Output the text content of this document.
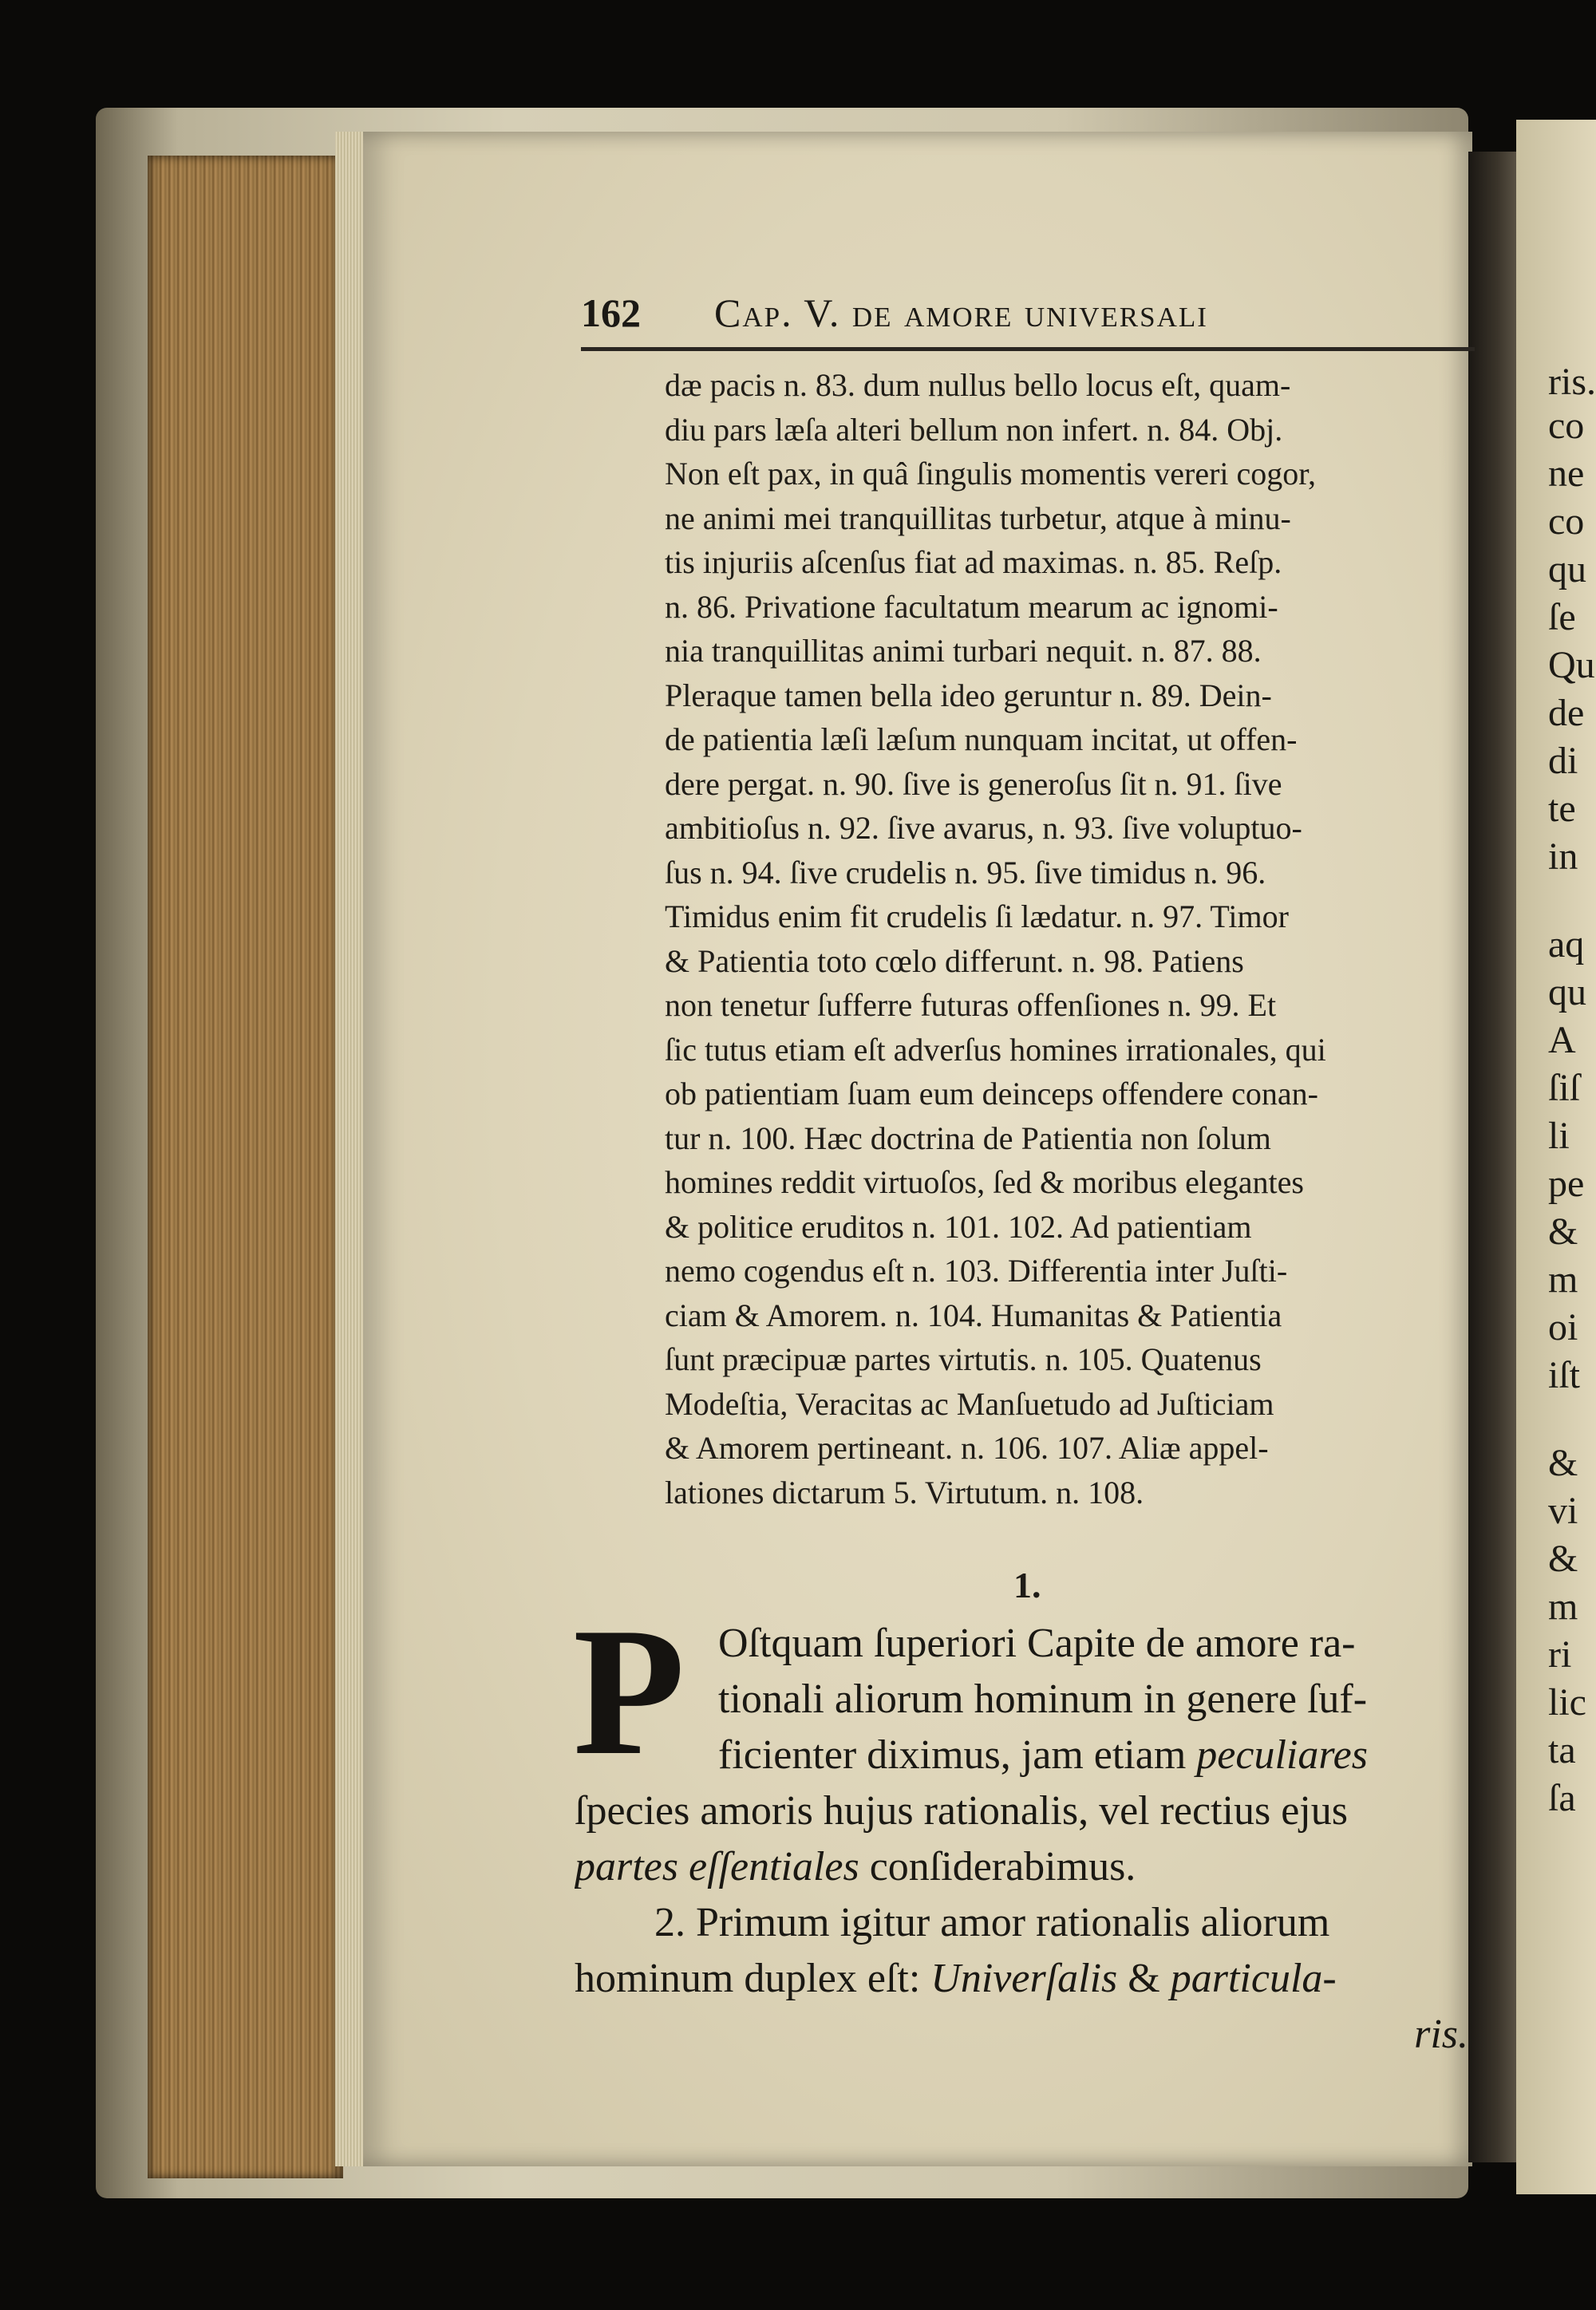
ris.
co
ne
co
qu
ſe
Qu
de
di
te
in
aq
qu
A
ſiſ
li
pe
&
m
oi
iſt
&
vi
&
m
ri
lic
ta
ſa
162 Cap. V. de amore universali
dæ pacis n. 83. dum nullus bello locus eſt, quam-
diu pars læſa alteri bellum non infert. n. 84. Obj.
Non eſt pax, in quâ ſingulis momentis vereri cogor,
ne animi mei tranquillitas turbetur, atque à minu-
tis injuriis aſcenſus fiat ad maximas. n. 85. Reſp.
n. 86. Privatione facultatum mearum ac ignomi-
nia tranquillitas animi turbari nequit. n. 87. 88.
Pleraque tamen bella ideo geruntur n. 89. Dein-
de patientia læſi læſum nunquam incitat, ut offen-
dere pergat. n. 90. ſive is generoſus ſit n. 91. ſive
ambitioſus n. 92. ſive avarus, n. 93. ſive voluptuo-
ſus n. 94. ſive crudelis n. 95. ſive timidus n. 96.
Timidus enim fit crudelis ſi lædatur. n. 97. Timor
& Patientia toto cœlo differunt. n. 98. Patiens
non tenetur ſufferre futuras offenſiones n. 99. Et
ſic tutus etiam eſt adverſus homines irrationales, qui
ob patientiam ſuam eum deinceps offendere conan-
tur n. 100. Hæc doctrina de Patientia non ſolum
homines reddit virtuoſos, ſed & moribus elegantes
& politice eruditos n. 101. 102. Ad patientiam
nemo cogendus eſt n. 103. Differentia inter Juſti-
ciam & Amorem. n. 104. Humanitas & Patientia
ſunt præcipuæ partes virtutis. n. 105. Quatenus
Modeſtia, Veracitas ac Manſuetudo ad Juſticiam
& Amorem pertineant. n. 106. 107. Aliæ appel-
lationes dictarum 5. Virtutum. n. 108.
1.
P Oſtquam ſuperiori Capite de amore ra-
tionali aliorum hominum in genere ſuf-
ficienter diximus, jam etiam peculiares
ſpecies amoris hujus rationalis, vel rectius ejus
partes eſſentiales conſiderabimus.
2. Primum igitur amor rationalis aliorum
hominum duplex eſt: Univerſalis & particula-
ris.
